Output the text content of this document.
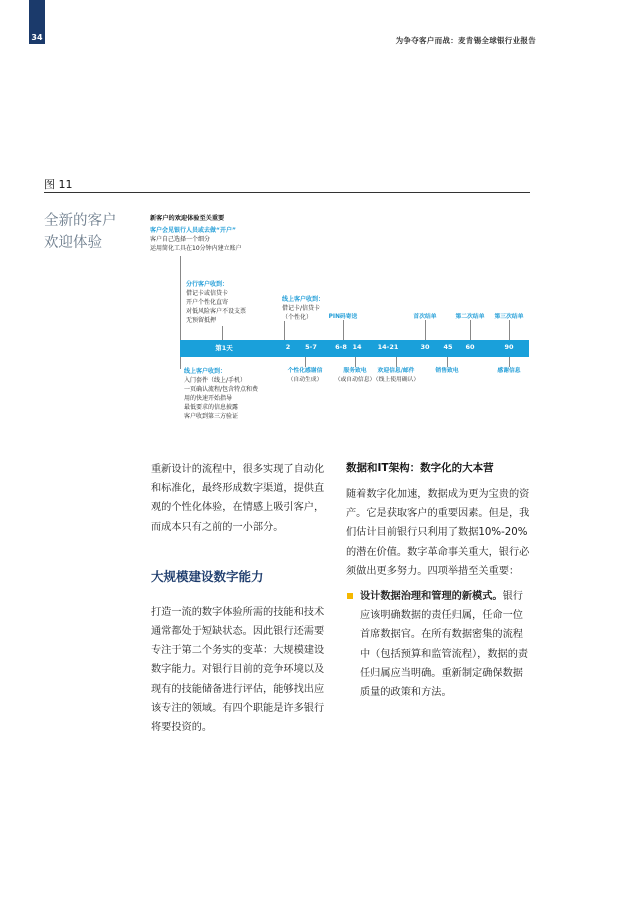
34	为争夺客户而战：麦肯锡全球银行业报告
图 11
全新的客户
欢迎体验
新客户的欢迎体验至关重要
客户会见银行人员或去做“开户”
客户自己选择一个细分
运用简化工具在10分钟内建立账户
分行客户收到：
借记卡或信贷卡
开户个性化直寄
对低风险客户不设支票
无预留抵押
线上客户收到：
借记卡/信贷卡
（个性化）	PIN码寄送	首次结单	第二次结单 第三次结单
第1天	2 5-7	6-8 14 14-21	30 45 60	90
线上客户收到：
入门套件（线上/手机）
一页确认流程/包含特点和费
用的快速开始指导
最低要求的信息披露
客户收到第三方验证
个性化感谢信
（自动生成）
服务致电
（或自动信息）
欢迎信息/邮件
（线上使用确认）
销售致电	感谢信息
重新设计的流程中，很多实现了自动化和标准化，最终形成数字渠道，提供直观的个性化体验，在情感上吸引客户，而成本只有之前的一小部分。
大规模建设数字能力
打造一流的数字体验所需的技能和技术通常都处于短缺状态。因此银行还需要专注于第二个务实的变革：大规模建设数字能力。对银行目前的竞争环境以及现有的技能储备进行评估，能够找出应该专注的领域。有四个职能是许多银行将要投资的。
数据和IT架构：数字化的大本营
随着数字化加速，数据成为更为宝贵的资产。它是获取客户的重要因素。但是，我们估计目前银行只利用了数据10%-20%的潜在价值。数字革命事关重大，银行必须做出更多努力。四项举措至关重要：
设计数据治理和管理的新模式。银行应该明确数据的责任归属，任命一位首席数据官。在所有数据密集的流程中（包括预算和监管流程），数据的责任归属应当明确。重新制定确保数据质量的政策和方法。
